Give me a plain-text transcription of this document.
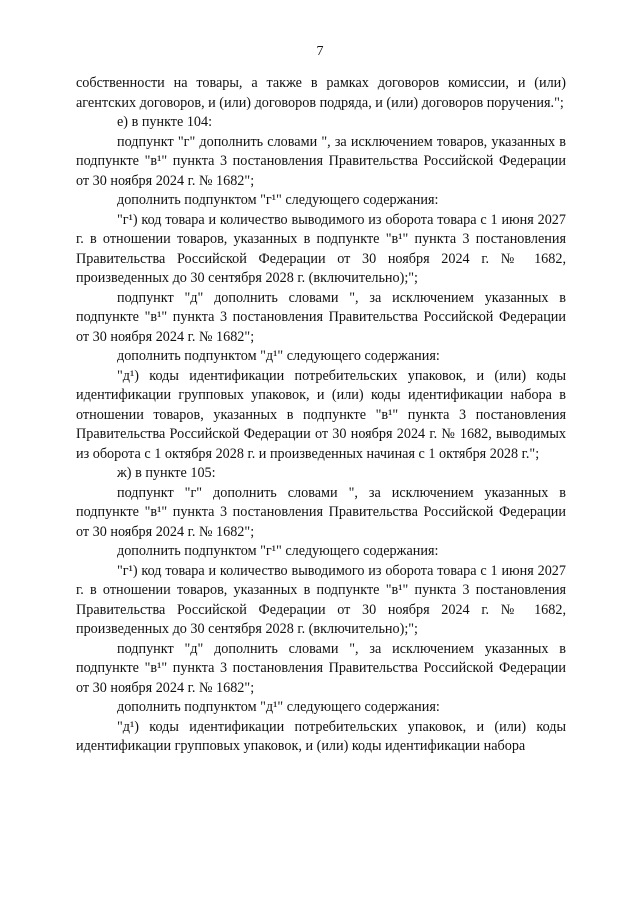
7

собственности на товары, а также в рамках договоров комиссии, и (или) агентских договоров, и (или) договоров подряда, и (или) договоров поручения.";

е) в пункте 104:

подпункт "г" дополнить словами ", за исключением товаров, указанных в подпункте "в¹" пункта 3 постановления Правительства Российской Федерации от 30 ноября 2024 г. № 1682";

дополнить подпунктом "г¹" следующего содержания:

"г¹) код товара и количество выводимого из оборота товара с 1 июня 2027 г. в отношении товаров, указанных в подпункте "в¹" пункта 3 постановления Правительства Российской Федерации от 30 ноября 2024 г. № 1682, произведенных до 30 сентября 2028 г. (включительно);";

подпункт "д" дополнить словами ", за исключением указанных в подпункте "в¹" пункта 3 постановления Правительства Российской Федерации от 30 ноября 2024 г. № 1682";

дополнить подпунктом "д¹" следующего содержания:

"д¹) коды идентификации потребительских упаковок, и (или) коды идентификации групповых упаковок, и (или) коды идентификации набора в отношении товаров, указанных в подпункте "в¹" пункта 3 постановления Правительства Российской Федерации от 30 ноября 2024 г. № 1682, выводимых из оборота с 1 октября 2028 г. и произведенных начиная с 1 октября 2028 г.";

ж) в пункте 105:

подпункт "г" дополнить словами ", за исключением указанных в подпункте "в¹" пункта 3 постановления Правительства Российской Федерации от 30 ноября 2024 г. № 1682";

дополнить подпунктом "г¹" следующего содержания:

"г¹) код товара и количество выводимого из оборота товара с 1 июня 2027 г. в отношении товаров, указанных в подпункте "в¹" пункта 3 постановления Правительства Российской Федерации от 30 ноября 2024 г. № 1682, произведенных до 30 сентября 2028 г. (включительно);";

подпункт "д" дополнить словами ", за исключением указанных в подпункте "в¹" пункта 3 постановления Правительства Российской Федерации от 30 ноября 2024 г. № 1682";

дополнить подпунктом "д¹" следующего содержания:

"д¹) коды идентификации потребительских упаковок, и (или) коды идентификации групповых упаковок, и (или) коды идентификации набора
